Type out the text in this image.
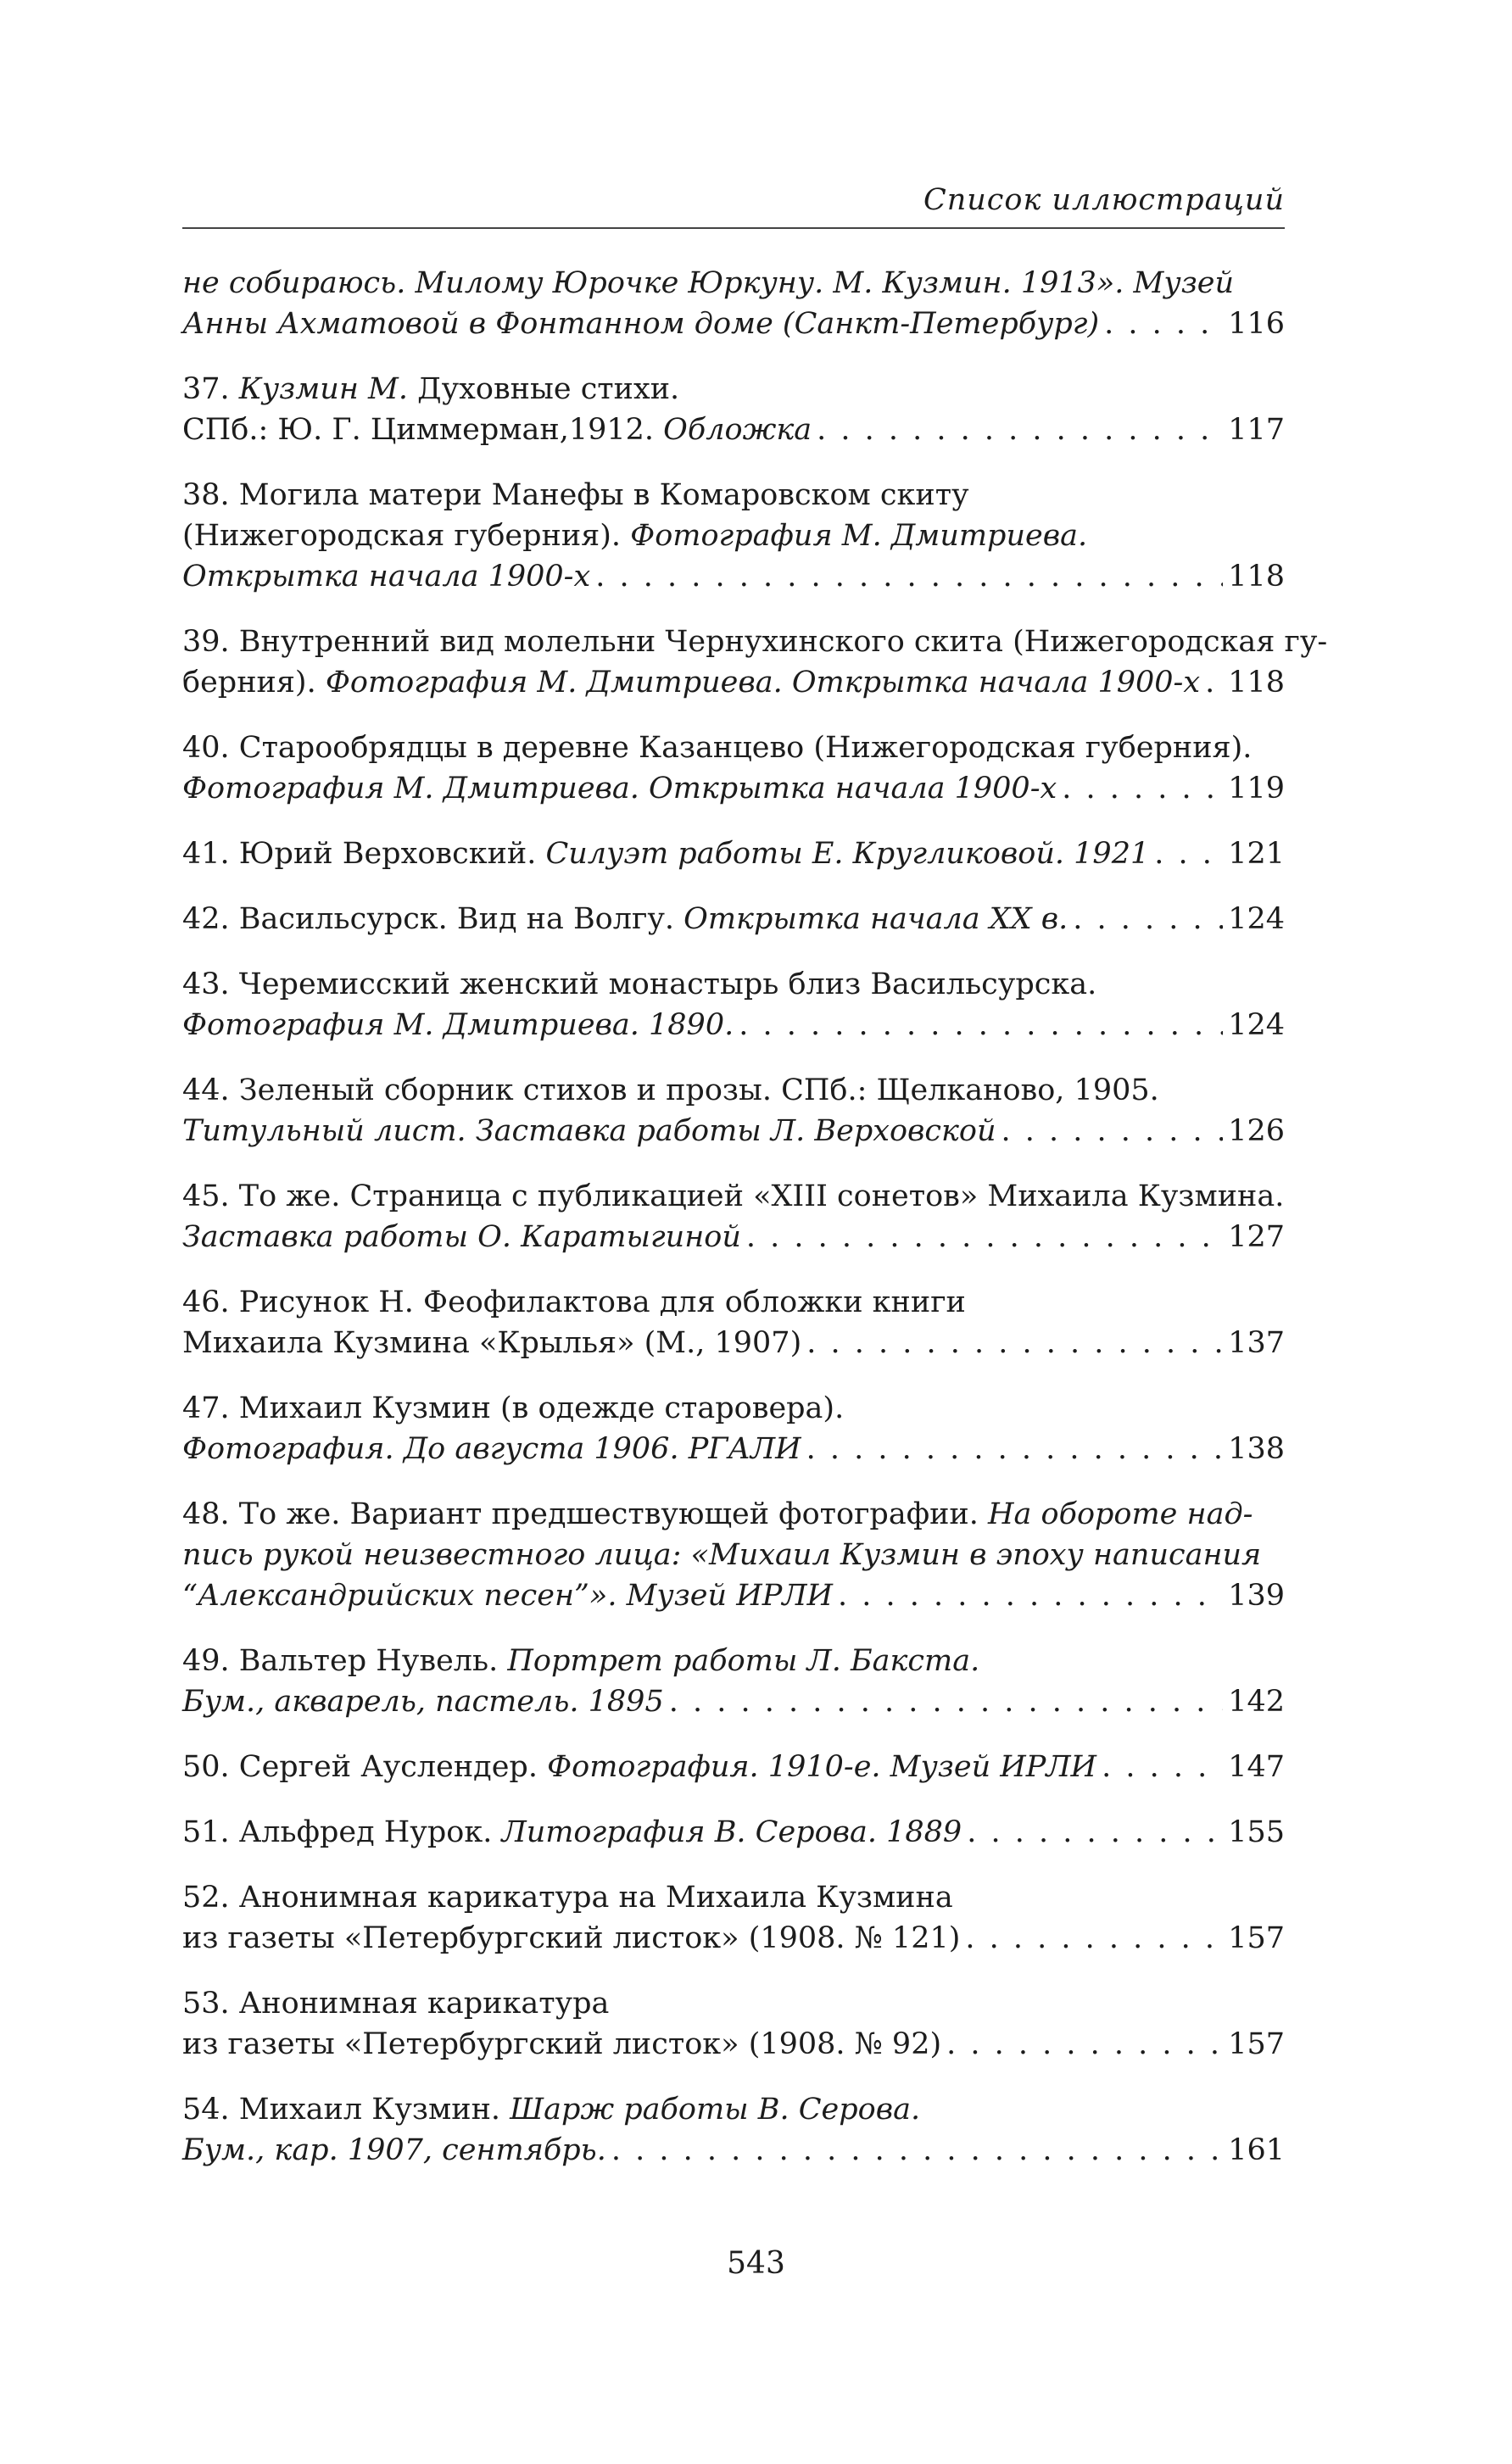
Список иллюстраций
не собираюсь. Милому Юрочке Юркуну. М. Кузмин. 1913». Музей
Анны Ахматовой в Фонтанном доме (Санкт-Петербург) . . .	116
37. Кузмин М. Духовные стихи.
СПб.: Ю. Г. Циммерман,1912. Обложка . . .	117
38. Могила матери Манефы в Комаровском скиту
(Нижегородская губерния). Фотография М. Дмитриева.
Открытка начала 1900-х . . .	118
39. Внутренний вид молельни Чернухинского скита (Нижегородская гу-
берния). Фотография М. Дмитриева. Открытка начала 1900-х . . . 118
40. Старообрядцы в деревне Казанцево (Нижегородская губерния).
Фотография М. Дмитриева. Открытка начала 1900-х . . .	119
41. Юрий Верховский. Силуэт работы Е. Кругликовой. 1921 . . .	121
42. Васильсурск. Вид на Волгу. Открытка начала XX в. . . .	124
43. Черемисский женский монастырь близ Васильсурска.
Фотография М. Дмитриева. 1890. . . .	124
44. Зеленый сборник стихов и прозы. СПб.: Щелканово, 1905.
Титульный лист. Заставка работы Л. Верховской . . .	126
45. То же. Страница с публикацией «XIII сонетов» Михаила Кузмина.
Заставка работы О. Каратыгиной . . .	127
46. Рисунок Н. Феофилактова для обложки книги
Михаила Кузмина «Крылья» (М., 1907) . . .	137
47. Михаил Кузмин (в одежде старовера).
Фотография. До августа 1906. РГАЛИ . . .	138
48. То же. Вариант предшествующей фотографии. На обороте над-
пись рукой неизвестного лица: «Михаил Кузмин в эпоху написания
“Александрийских песен”». Музей ИРЛИ . . .	139
49. Вальтер Нувель. Портрет работы Л. Бакста.
Бум., акварель, пастель. 1895 . . .	142
50. Сергей Ауслендер. Фотография. 1910-е. Музей ИРЛИ . . .	147
51. Альфред Нурок. Литография В. Серова. 1889 . . .	155
52. Анонимная карикатура на Михаила Кузмина
из газеты «Петербургский листок» (1908. № 121) . . .	157
53. Анонимная карикатура
из газеты «Петербургский листок» (1908. № 92) . . .	157
54. Михаил Кузмин. Шарж работы В. Серова.
Бум., кар. 1907, сентябрь. . . .	161
543
